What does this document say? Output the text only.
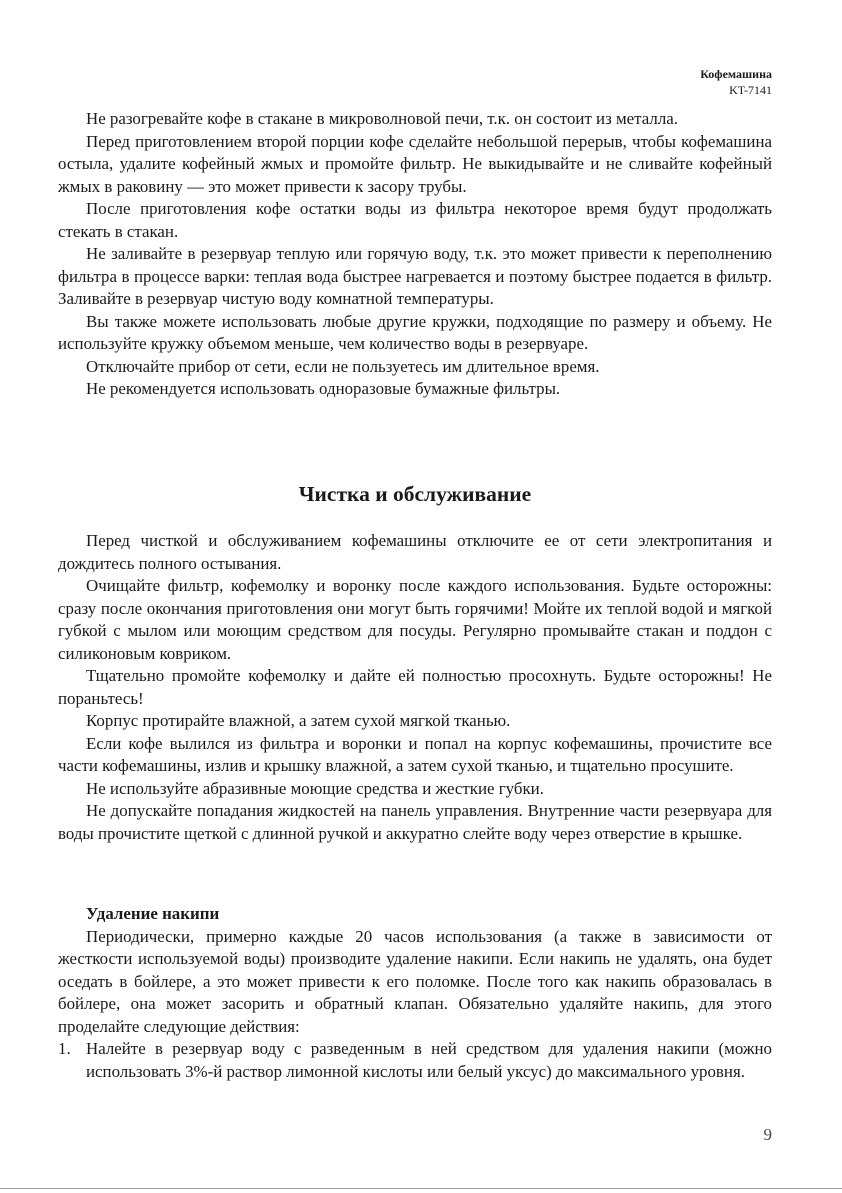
Кофемашина
KT-7141

Не разогревайте кофе в стакане в микроволновой печи, т.к. он состоит из металла.

Перед приготовлением второй порции кофе сделайте небольшой перерыв, чтобы кофемашина остыла, удалите кофейный жмых и промойте фильтр. Не выкидывайте и не сливайте кофейный жмых в раковину — это может привести к засору трубы.

После приготовления кофе остатки воды из фильтра некоторое время будут продолжать стекать в стакан.

Не заливайте в резервуар теплую или горячую воду, т.к. это может привести к переполнению фильтра в процессе варки: теплая вода быстрее нагревается и поэтому быстрее подается в фильтр. Заливайте в резервуар чистую воду комнатной температуры.

Вы также можете использовать любые другие кружки, подходящие по размеру и объему. Не используйте кружку объемом меньше, чем количество воды в резервуаре.

Отключайте прибор от сети, если не пользуетесь им длительное время.

Не рекомендуется использовать одноразовые бумажные фильтры.

Чистка и обслуживание

Перед чисткой и обслуживанием кофемашины отключите ее от сети электропитания и дождитесь полного остывания.

Очищайте фильтр, кофемолку и воронку после каждого использования. Будьте осторожны: сразу после окончания приготовления они могут быть горячими! Мойте их теплой водой и мягкой губкой с мылом или моющим средством для посуды. Регулярно промывайте стакан и поддон с силиконовым ковриком.

Тщательно промойте кофемолку и дайте ей полностью просохнуть. Будьте осторожны! Не пораньтесь!

Корпус протирайте влажной, а затем сухой мягкой тканью.

Если кофе вылился из фильтра и воронки и попал на корпус кофемашины, прочистите все части кофемашины, излив и крышку влажной, а затем сухой тканью, и тщательно просушите.

Не используйте абразивные моющие средства и жесткие губки.

Не допускайте попадания жидкостей на панель управления. Внутренние части резервуара для воды прочистите щеткой с длинной ручкой и аккуратно слейте воду через отверстие в крышке.

Удаление накипи

Периодически, примерно каждые 20 часов использования (а также в зависимости от жесткости используемой воды) производите удаление накипи. Если накипь не удалять, она будет оседать в бойлере, а это может привести к его поломке. После того как накипь образовалась в бойлере, она может засорить и обратный клапан. Обязательно удаляйте накипь, для этого проделайте следующие действия:

1. Налейте в резервуар воду с разведенным в ней средством для удаления накипи (можно использовать 3%-й раствор лимонной кислоты или белый уксус) до максимального уровня.
9
